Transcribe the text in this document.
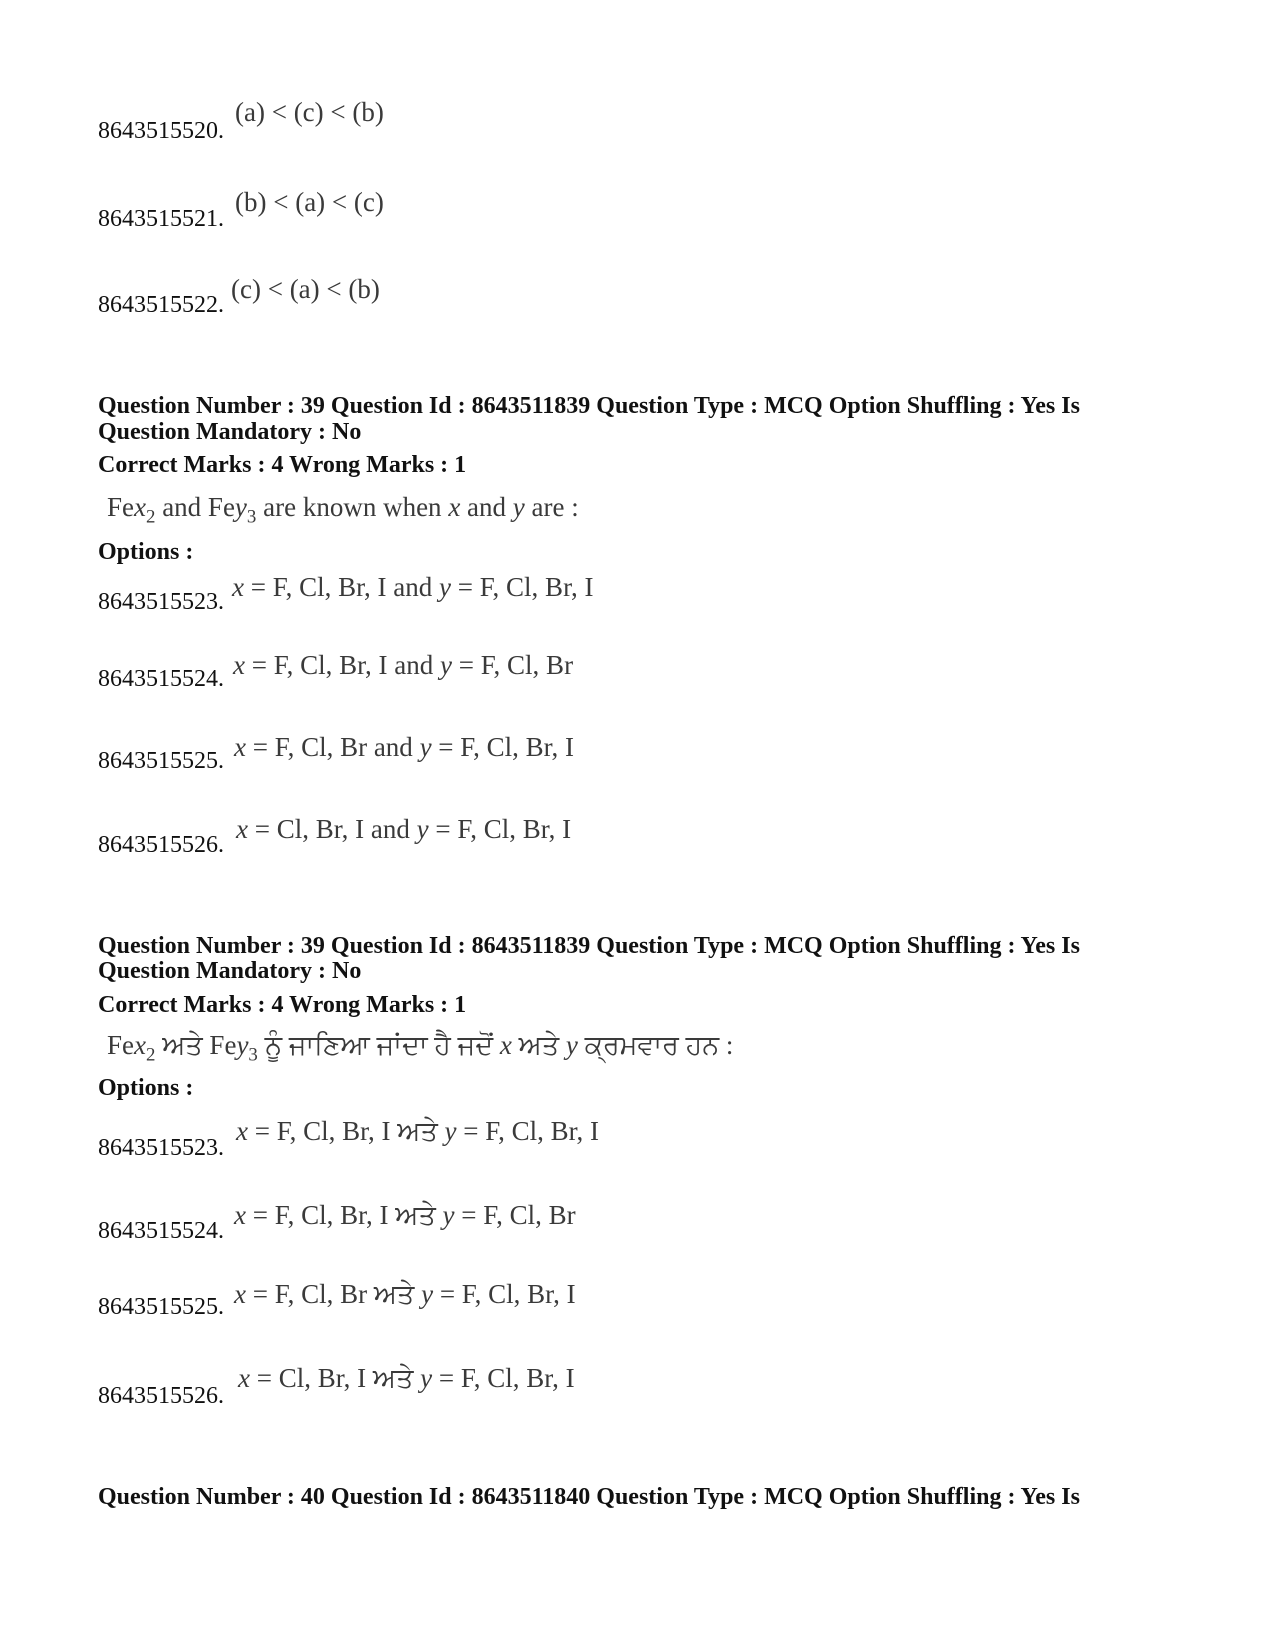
8643515520.
(a) < (c) < (b)
8643515521.
(b) < (a) < (c)
8643515522.
(c) < (a) < (b)
Question Number : 39 Question Id : 8643511839 Question Type : MCQ Option Shuffling : Yes Is
Question Mandatory : No
Correct Marks : 4 Wrong Marks : 1
Fex$_2$ and Fey$_3$ are known when x and y are :
Options :
8643515523. x = F, Cl, Br, I and y = F, Cl, Br, I
8643515524. x = F, Cl, Br, I and y = F, Cl, Br
8643515525. x = F, Cl, Br and y = F, Cl, Br, I
8643515526.
x = Cl, Br, I and y = F, Cl, Br, I
Question Number : 39 Question Id : 8643511839 Question Type : MCQ Option Shuffling : Yes Is
Question Mandatory : No
Correct Marks : 4 Wrong Marks : 1
Fex$_2$ ਅਤੇ Fey$_3$ ਨੂੰ ਜਾਣਿਆ ਜਾਂਦਾ ਹੈ ਜਦੋਂ x ਅਤੇ y ਕ੍ਰਮਵਾਰ ਹਨ :
Options :
8643515523.
x = F, Cl, Br, I ਅਤੇ y = F, Cl, Br, I
8643515524.
x = F, Cl, Br, I ਅਤੇ y = F, Cl, Br
8643515525. x = F, Cl, Br ਅਤੇ y = F, Cl, Br, I
8643515526.
x = Cl, Br, I ਅਤੇ y = F, Cl, Br, I
Question Number : 40 Question Id : 8643511840 Question Type : MCQ Option Shuffling : Yes Is
